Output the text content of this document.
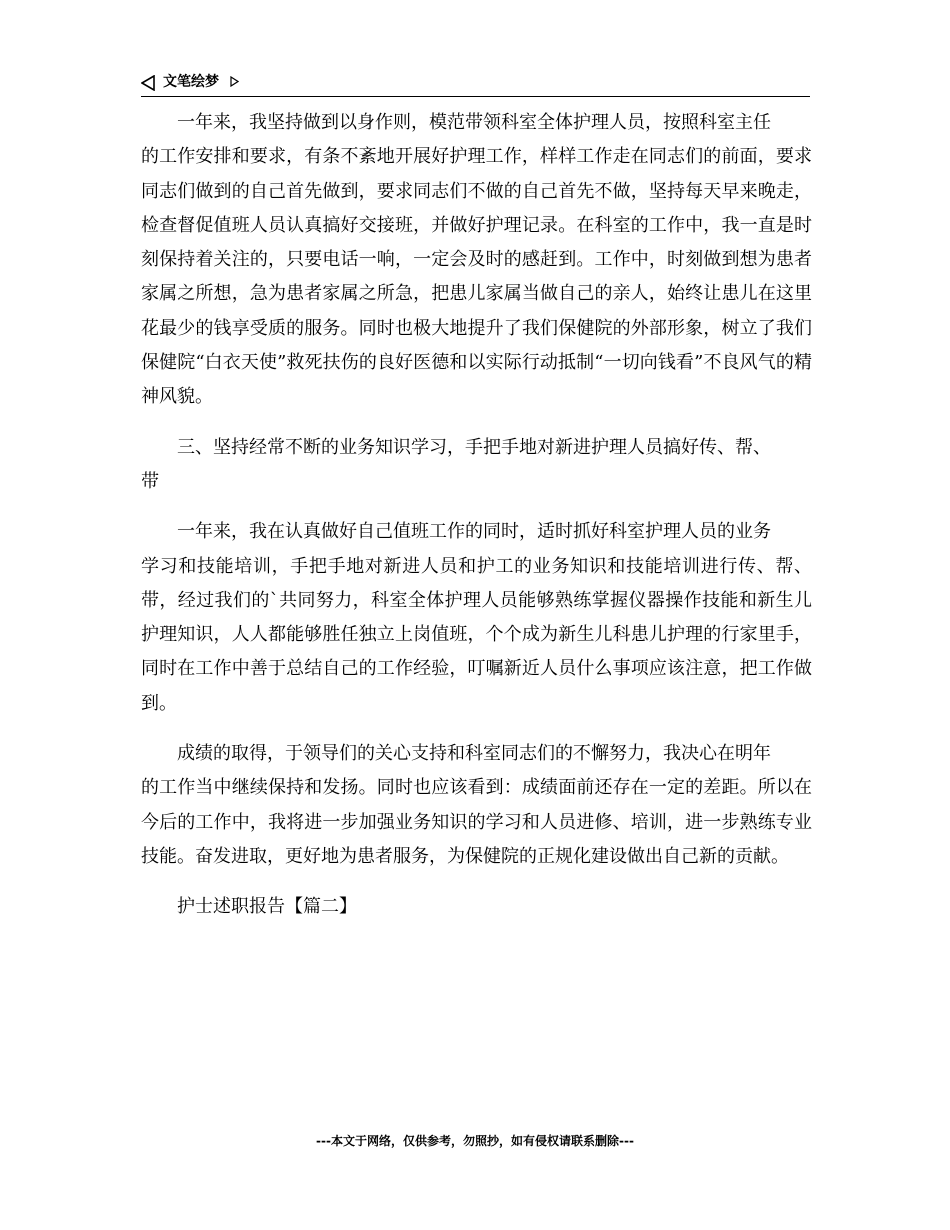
文笔绘梦

一年来，我坚持做到以身作则，模范带领科室全体护理人员，按照科室主任
的工作安排和要求，有条不紊地开展好护理工作，样样工作走在同志们的前面，要求同志们做到的自己首先做到，要求同志们不做的自己首先不做，坚持每天早来晚走，检查督促值班人员认真搞好交接班，并做好护理记录。在科室的工作中，我一直是时刻保持着关注的，只要电话一响，一定会及时的感赶到。工作中，时刻做到想为患者家属之所想，急为患者家属之所急，把患儿家属当做自己的亲人，始终让患儿在这里花最少的钱享受质的服务。同时也极大地提升了我们保健院的外部形象，树立了我们保健院“白衣天使”救死扶伤的良好医德和以实际行动抵制“一切向钱看”不良风气的精神风貌。

三、坚持经常不断的业务知识学习，手把手地对新进护理人员搞好传、帮、
带

一年来，我在认真做好自己值班工作的同时，适时抓好科室护理人员的业务
学习和技能培训，手把手地对新进人员和护工的业务知识和技能培训进行传、帮、带，经过我们的`共同努力，科室全体护理人员能够熟练掌握仪器操作技能和新生儿护理知识，人人都能够胜任独立上岗值班，个个成为新生儿科患儿护理的行家里手，同时在工作中善于总结自己的工作经验，叮嘱新近人员什么事项应该注意，把工作做到。

成绩的取得，于领导们的关心支持和科室同志们的不懈努力，我决心在明年
的工作当中继续保持和发扬。同时也应该看到：成绩面前还存在一定的差距。所以在今后的工作中，我将进一步加强业务知识的学习和人员进修、培训，进一步熟练专业技能。奋发进取，更好地为患者服务，为保健院的正规化建设做出自己新的贡献。

护士述职报告【篇二】

---本文于网络，仅供参考，勿照抄，如有侵权请联系删除---
